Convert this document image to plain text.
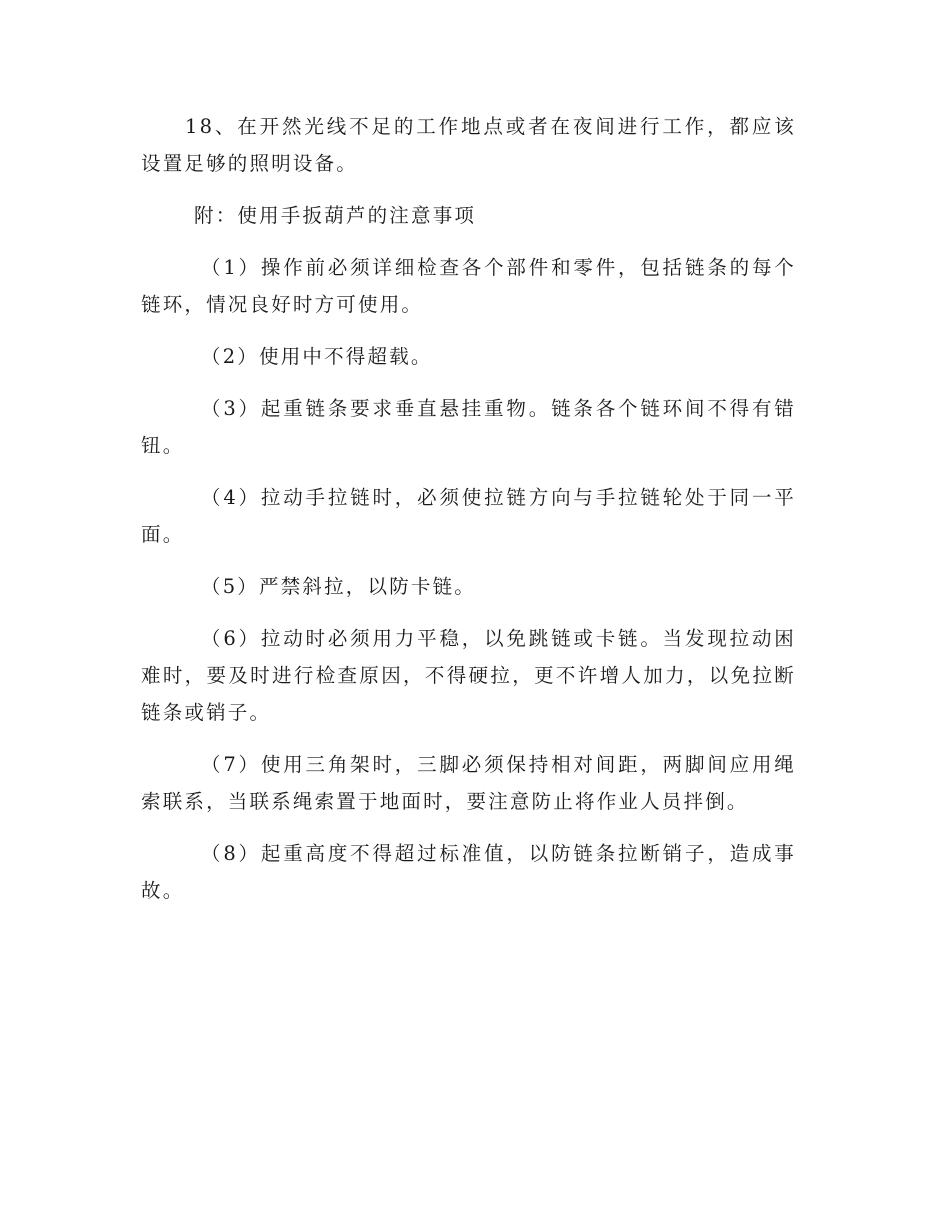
18、在开然光线不足的工作地点或者在夜间进行工作，都应该设置足够的照明设备。

附：使用手扳葫芦的注意事项

（1）操作前必须详细检查各个部件和零件，包括链条的每个链环，情况良好时方可使用。

（2）使用中不得超载。

（3）起重链条要求垂直悬挂重物。链条各个链环间不得有错钮。

（4）拉动手拉链时，必须使拉链方向与手拉链轮处于同一平面。

（5）严禁斜拉，以防卡链。

（6）拉动时必须用力平稳，以免跳链或卡链。当发现拉动困难时，要及时进行检查原因，不得硬拉，更不许增人加力，以免拉断链条或销子。

（7）使用三角架时，三脚必须保持相对间距，两脚间应用绳索联系，当联系绳索置于地面时，要注意防止将作业人员拌倒。

（8）起重高度不得超过标准值，以防链条拉断销子，造成事故。
